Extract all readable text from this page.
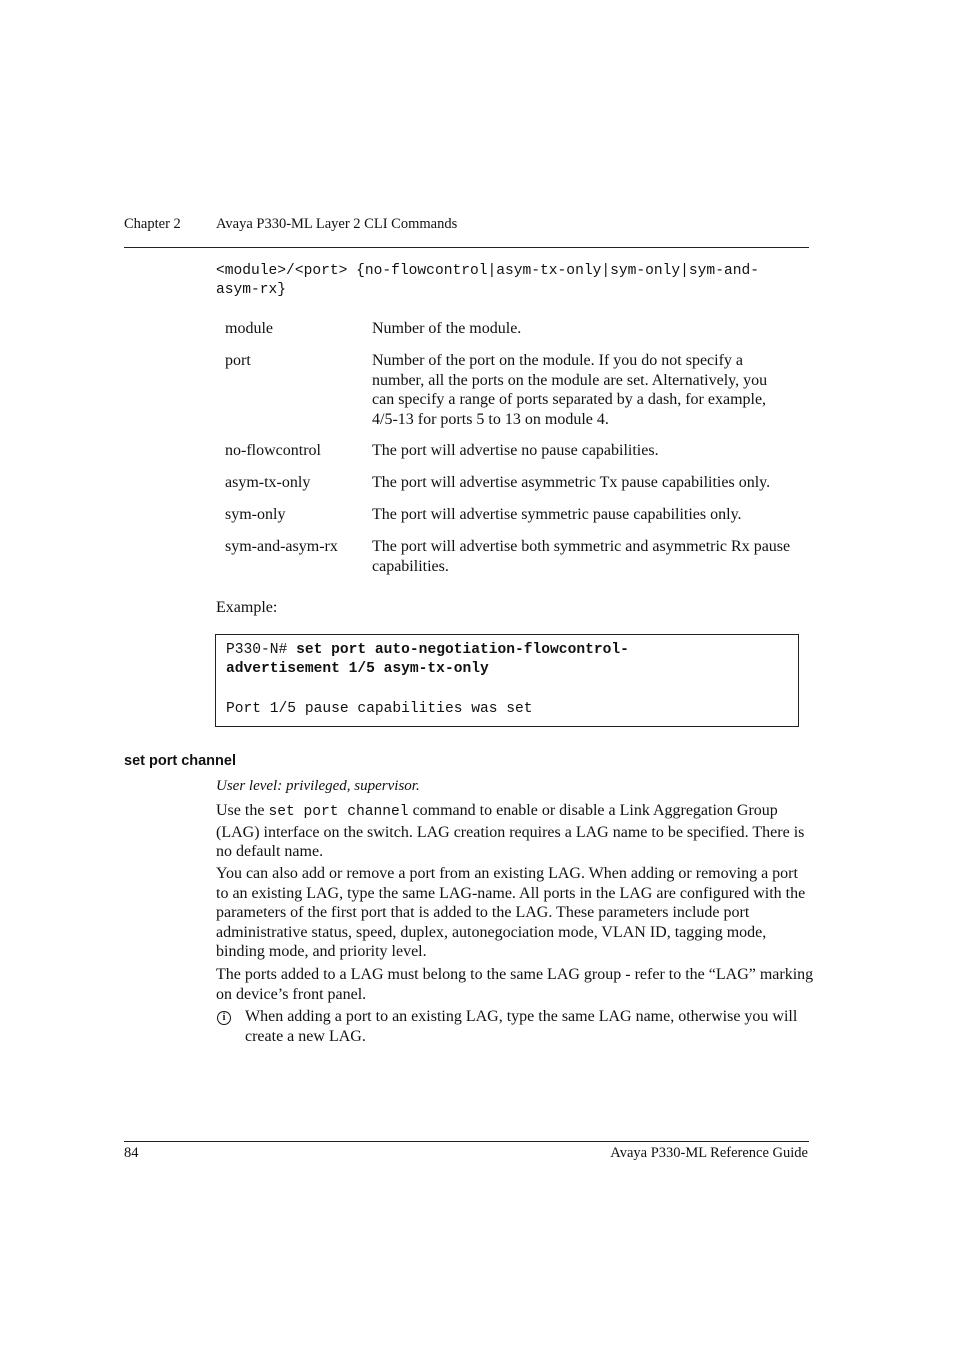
Chapter 2 Avaya P330-ML Layer 2 CLI Commands
<module>/<port> {no-flowcontrol|asym-tx-only|sym-only|sym-and-
asym-rx}
module	Number of the module.
port	Number of the port on the module. If you do not specify a number, all the ports on the module are set. Alternatively, you can specify a range of ports separated by a dash, for example, 4/5-13 for ports 5 to 13 on module 4.
no-flowcontrol	The port will advertise no pause capabilities.
asym-tx-only	The port will advertise asymmetric Tx pause capabilities only.
sym-only	The port will advertise symmetric pause capabilities only.
sym-and-asym-rx The port will advertise both symmetric and asymmetric Rx pause capabilities.
Example:
P330-N# set port auto-negotiation-flowcontrol-
advertisement 1/5 asym-tx-only
Port 1/5 pause capabilities was set
set port channel
User level: privileged, supervisor.
Use the set port channel command to enable or disable a Link Aggregation Group (LAG) interface on the switch. LAG creation requires a LAG name to be specified. There is no default name.
You can also add or remove a port from an existing LAG. When adding or removing a port to an existing LAG, type the same LAG-name. All ports in the LAG are configured with the parameters of the first port that is added to the LAG. These parameters include port administrative status, speed, duplex, autonegociation mode, VLAN ID, tagging mode, binding mode, and priority level.
The ports added to a LAG must belong to the same LAG group - refer to the “LAG” marking on device’s front panel.
i	When adding a port to an existing LAG, type the same LAG name, otherwise you will create a new LAG.
84	Avaya P330-ML Reference Guide
